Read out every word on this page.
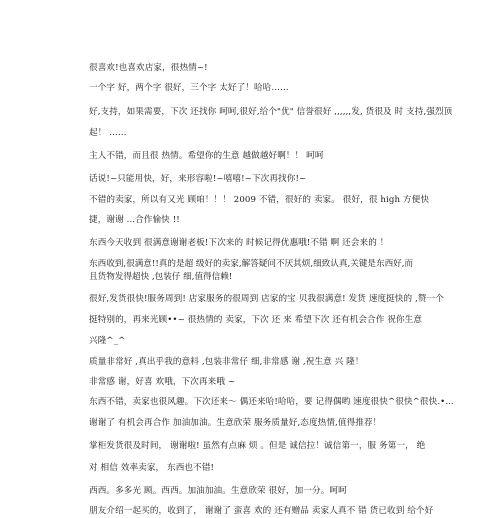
很喜欢!也喜欢店家，很热情~!
一个字 好，两个字 很好，三个字 太好了！哈哈……
好,支持，如果需要，下次 还找你 呵呵,很好,给个"优" 信誉很好 ,,,,,,发, 货很及 时 支持,强烈顶
起！ ……
主人不错，而且很 热情。希望你的生意 越做越好啊！！ 呵呵
话说!~只能用快，好，来形容啦!~嘻嘻!~下次再找你!~
不错的卖家，所以有又光 顾咱！！！ 2009 不错，很好的 卖家。 很好，很 high 方便快
捷，谢谢 ...合作愉快 !!
东西今天收到 很满意谢谢老板!下次来的 时候记得优惠哦!不错 啊 还会来的 ！
东西收到,很满意!!真的是超 级好的卖家,解答疑问不厌其烦,细致认真,关键是东西好,而 且货物发得超快 ,包装仔 细,值得信赖!
很好,发货很快!服务周到! 店家服务的很周到 店家的宝 贝我很满意! 发货 速度挺快的 ,赞一个
挺特别的，再来光顾••~ 很热情的 卖家，下次 还 来 希望下次 还有机会合作 祝你生意
兴隆^_^
质量非常好 ,真出乎我的意料 ,包装非常仔 细,非常感 谢 ,祝生意 兴 隆！
非常感 谢，好喜 欢哦，下次再来哦 ~
东西不错，卖家也很风趣。下次还来～ 偶还来哈!哈哈，要 记得偶哟 速度很快^很快^很快.•...
谢谢了 有机会再合作 加油加油。生意欣荣 服务质量好,态度热情,值得推荐！
掌柜发货很及时间， 谢谢啦! 虽然有点麻 烦 。但是 诚信拉！诚信第一，服 务第一， 绝
对 相信 效率卖家， 东西也不错!
西西。多多光 顾。西西。加油加油。生意欣荣 很好，加一分。呵呵
朋友介绍一起买的，收到了， 谢谢了 蛮喜 欢的 还有赠品 卖家人真不 错 货已收到 给个好
